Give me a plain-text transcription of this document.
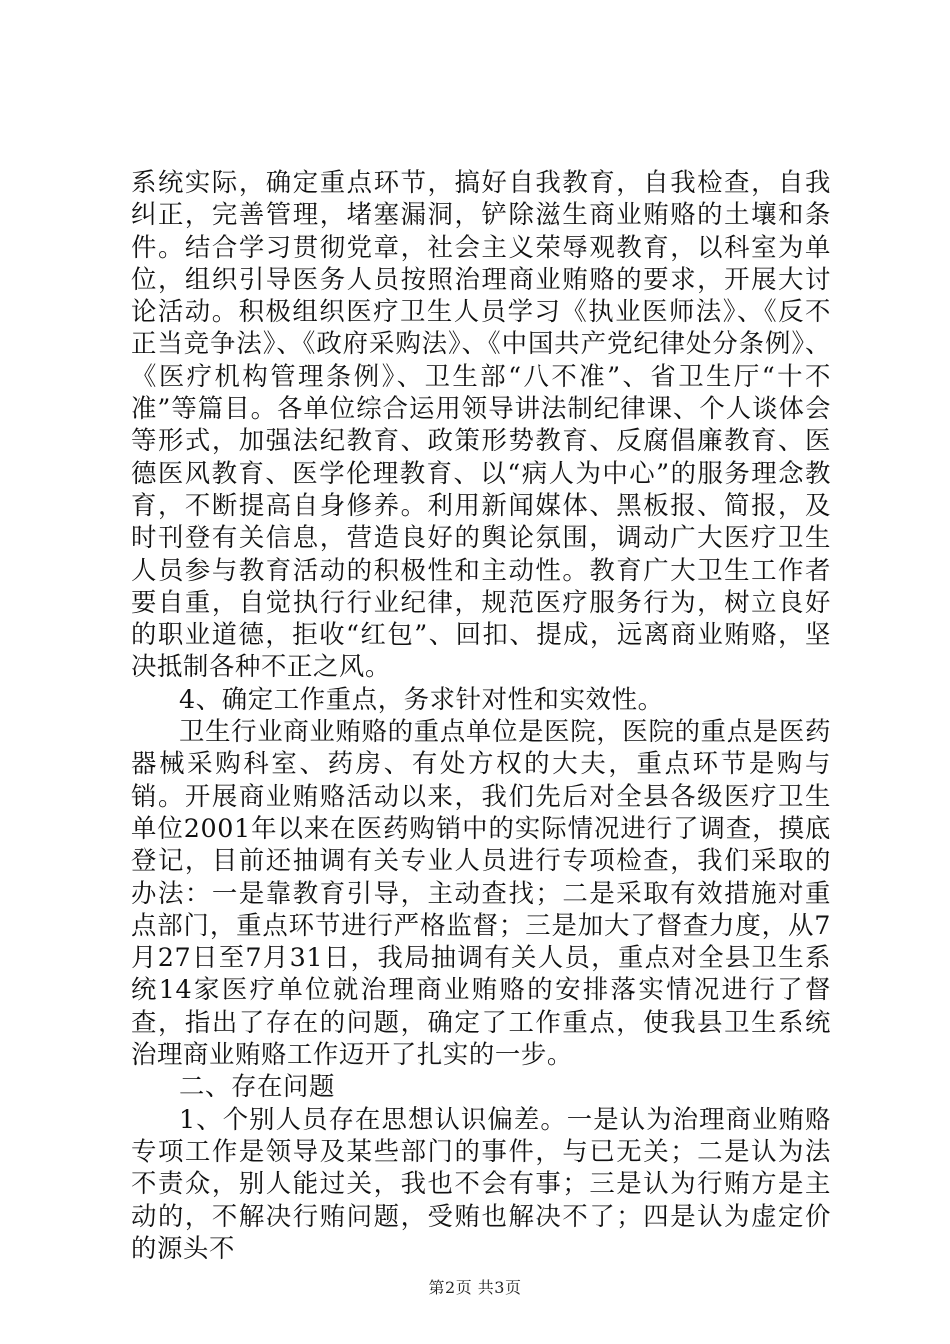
系统实际，确定重点环节，搞好自我教育，自我检查，自我纠正，完善管理，堵塞漏洞，铲除滋生商业贿赂的土壤和条件。结合学习贯彻党章，社会主义荣辱观教育，以科室为单位，组织引导医务人员按照治理商业贿赂的要求，开展大讨论活动。积极组织医疗卫生人员学习《执业医师法》、《反不正当竞争法》、《政府采购法》、《中国共产党纪律处分条例》、《医疗机构管理条例》、卫生部“八不准”、省卫生厅“十不准”等篇目。各单位综合运用领导讲法制纪律课、个人谈体会等形式，加强法纪教育、政策形势教育、反腐倡廉教育、医德医风教育、医学伦理教育、以“病人为中心”的服务理念教育，不断提高自身修养。利用新闻媒体、黑板报、简报，及时刊登有关信息，营造良好的舆论氛围，调动广大医疗卫生人员参与教育活动的积极性和主动性。教育广大卫生工作者要自重，自觉执行行业纪律，规范医疗服务行为，树立良好的职业道德，拒收“红包”、回扣、提成，远离商业贿赂，坚决抵制各种不正之风。

4、确定工作重点，务求针对性和实效性。

卫生行业商业贿赂的重点单位是医院，医院的重点是医药器械采购科室、药房、有处方权的大夫，重点环节是购与销。开展商业贿赂活动以来，我们先后对全县各级医疗卫生单位2001年以来在医药购销中的实际情况进行了调查，摸底登记，目前还抽调有关专业人员进行专项检查，我们采取的办法：一是靠教育引导，主动查找；二是采取有效措施对重点部门，重点环节进行严格监督；三是加大了督查力度，从7月27日至7月31日，我局抽调有关人员，重点对全县卫生系统14家医疗单位就治理商业贿赂的安排落实情况进行了督查，指出了存在的问题，确定了工作重点，使我县卫生系统治理商业贿赂工作迈开了扎实的一步。

二、存在问题

1、个别人员存在思想认识偏差。一是认为治理商业贿赂专项工作是领导及某些部门的事件，与已无关；二是认为法不责众，别人能过关，我也不会有事；三是认为行贿方是主动的，不解决行贿问题，受贿也解决不了；四是认为虚定价的源头不

第2页 共3页
